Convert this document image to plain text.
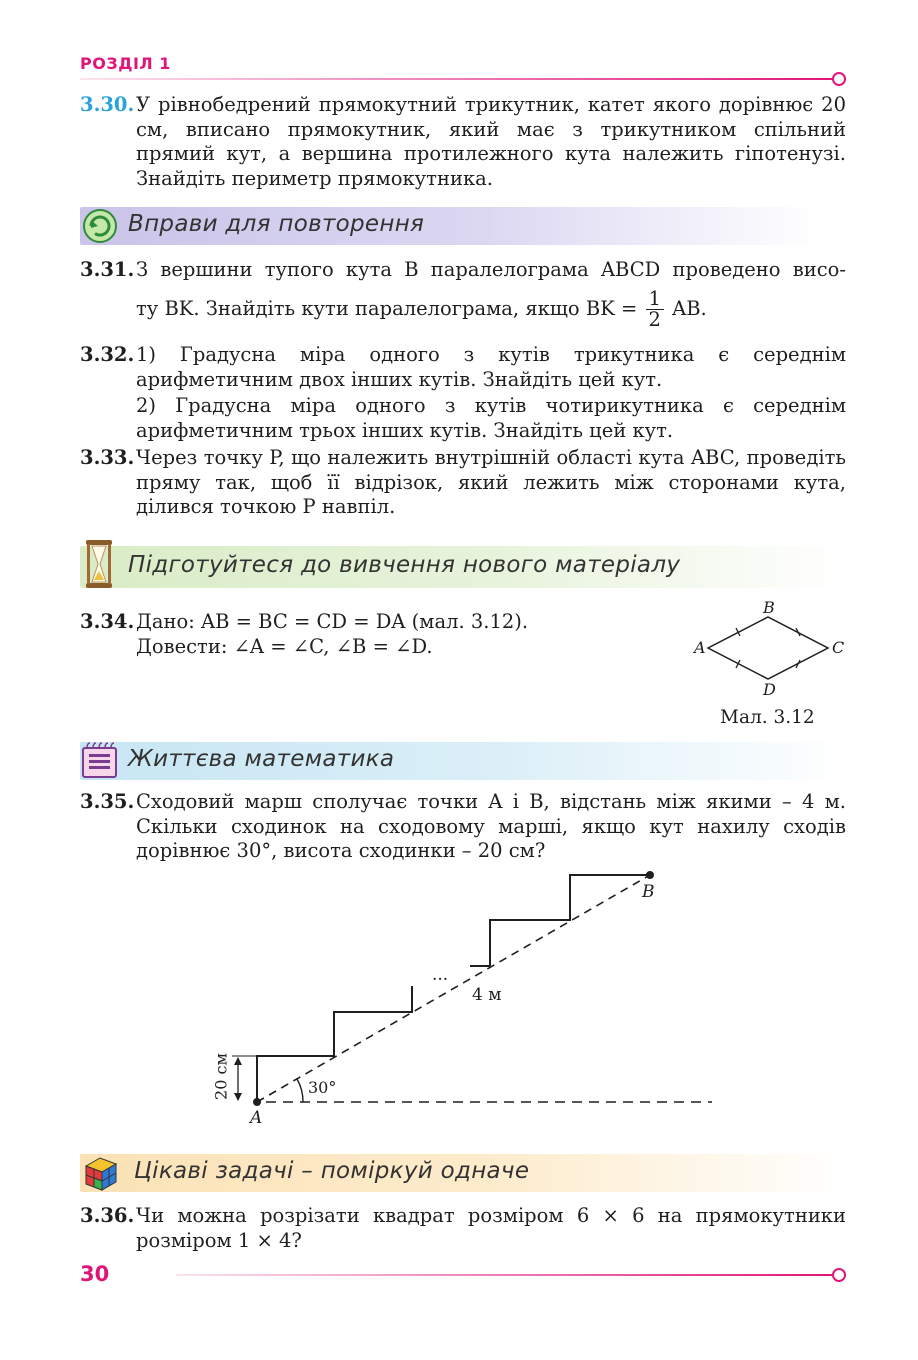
РОЗДІЛ 1
3.30. У рівнобедрений прямокутний трикутник, катет якого дорівнює 20 см, вписано прямокутник, який має з трикутником спільний прямий кут, а вершина протилежного кута належить гіпотенузі. Знайдіть периметр прямокутника.

Вправи для повторення
3.31. З вершини тупого кута B паралелограма ABCD проведено висо-

ту BK. Знайдіть кути паралелограма, якщо BK = $\frac{1}{2}$ AB.

3.32. 1) Градусна міра одного з кутів трикутника є середнім арифметичним двох інших кутів. Знайдіть цей кут.

2) Градусна міра одного з кутів чотирикутника є середнім арифметичним трьох інших кутів. Знайдіть цей кут.

3.33. Через точку P, що належить внутрішній області кута ABC, проведіть пряму так, щоб її відрізок, який лежить між сторонами кута, ділився точкою P навпіл.

Підготуйтеся до вивчення нового матеріалу
3.34. Дано: AB = BC = CD = DA (мал. 3.12).

Довести: ∠A = ∠C, ∠B = ∠D.

B
A	C
D
Мал. 3.12
Життєва математика
3.35. Сходовий марш сполучає точки A і B, відстань між якими – 4 м. Скільки сходинок на сходовому марші, якщо кут нахилу сходів дорівнює 30°, висота сходинки – 20 см?

B
A
4 м
...
30°
20 см
Цікаві задачі – поміркуй одначе
3.36. Чи можна розрізати квадрат розміром 6 × 6 на прямокутники розміром 1 × 4?

30
